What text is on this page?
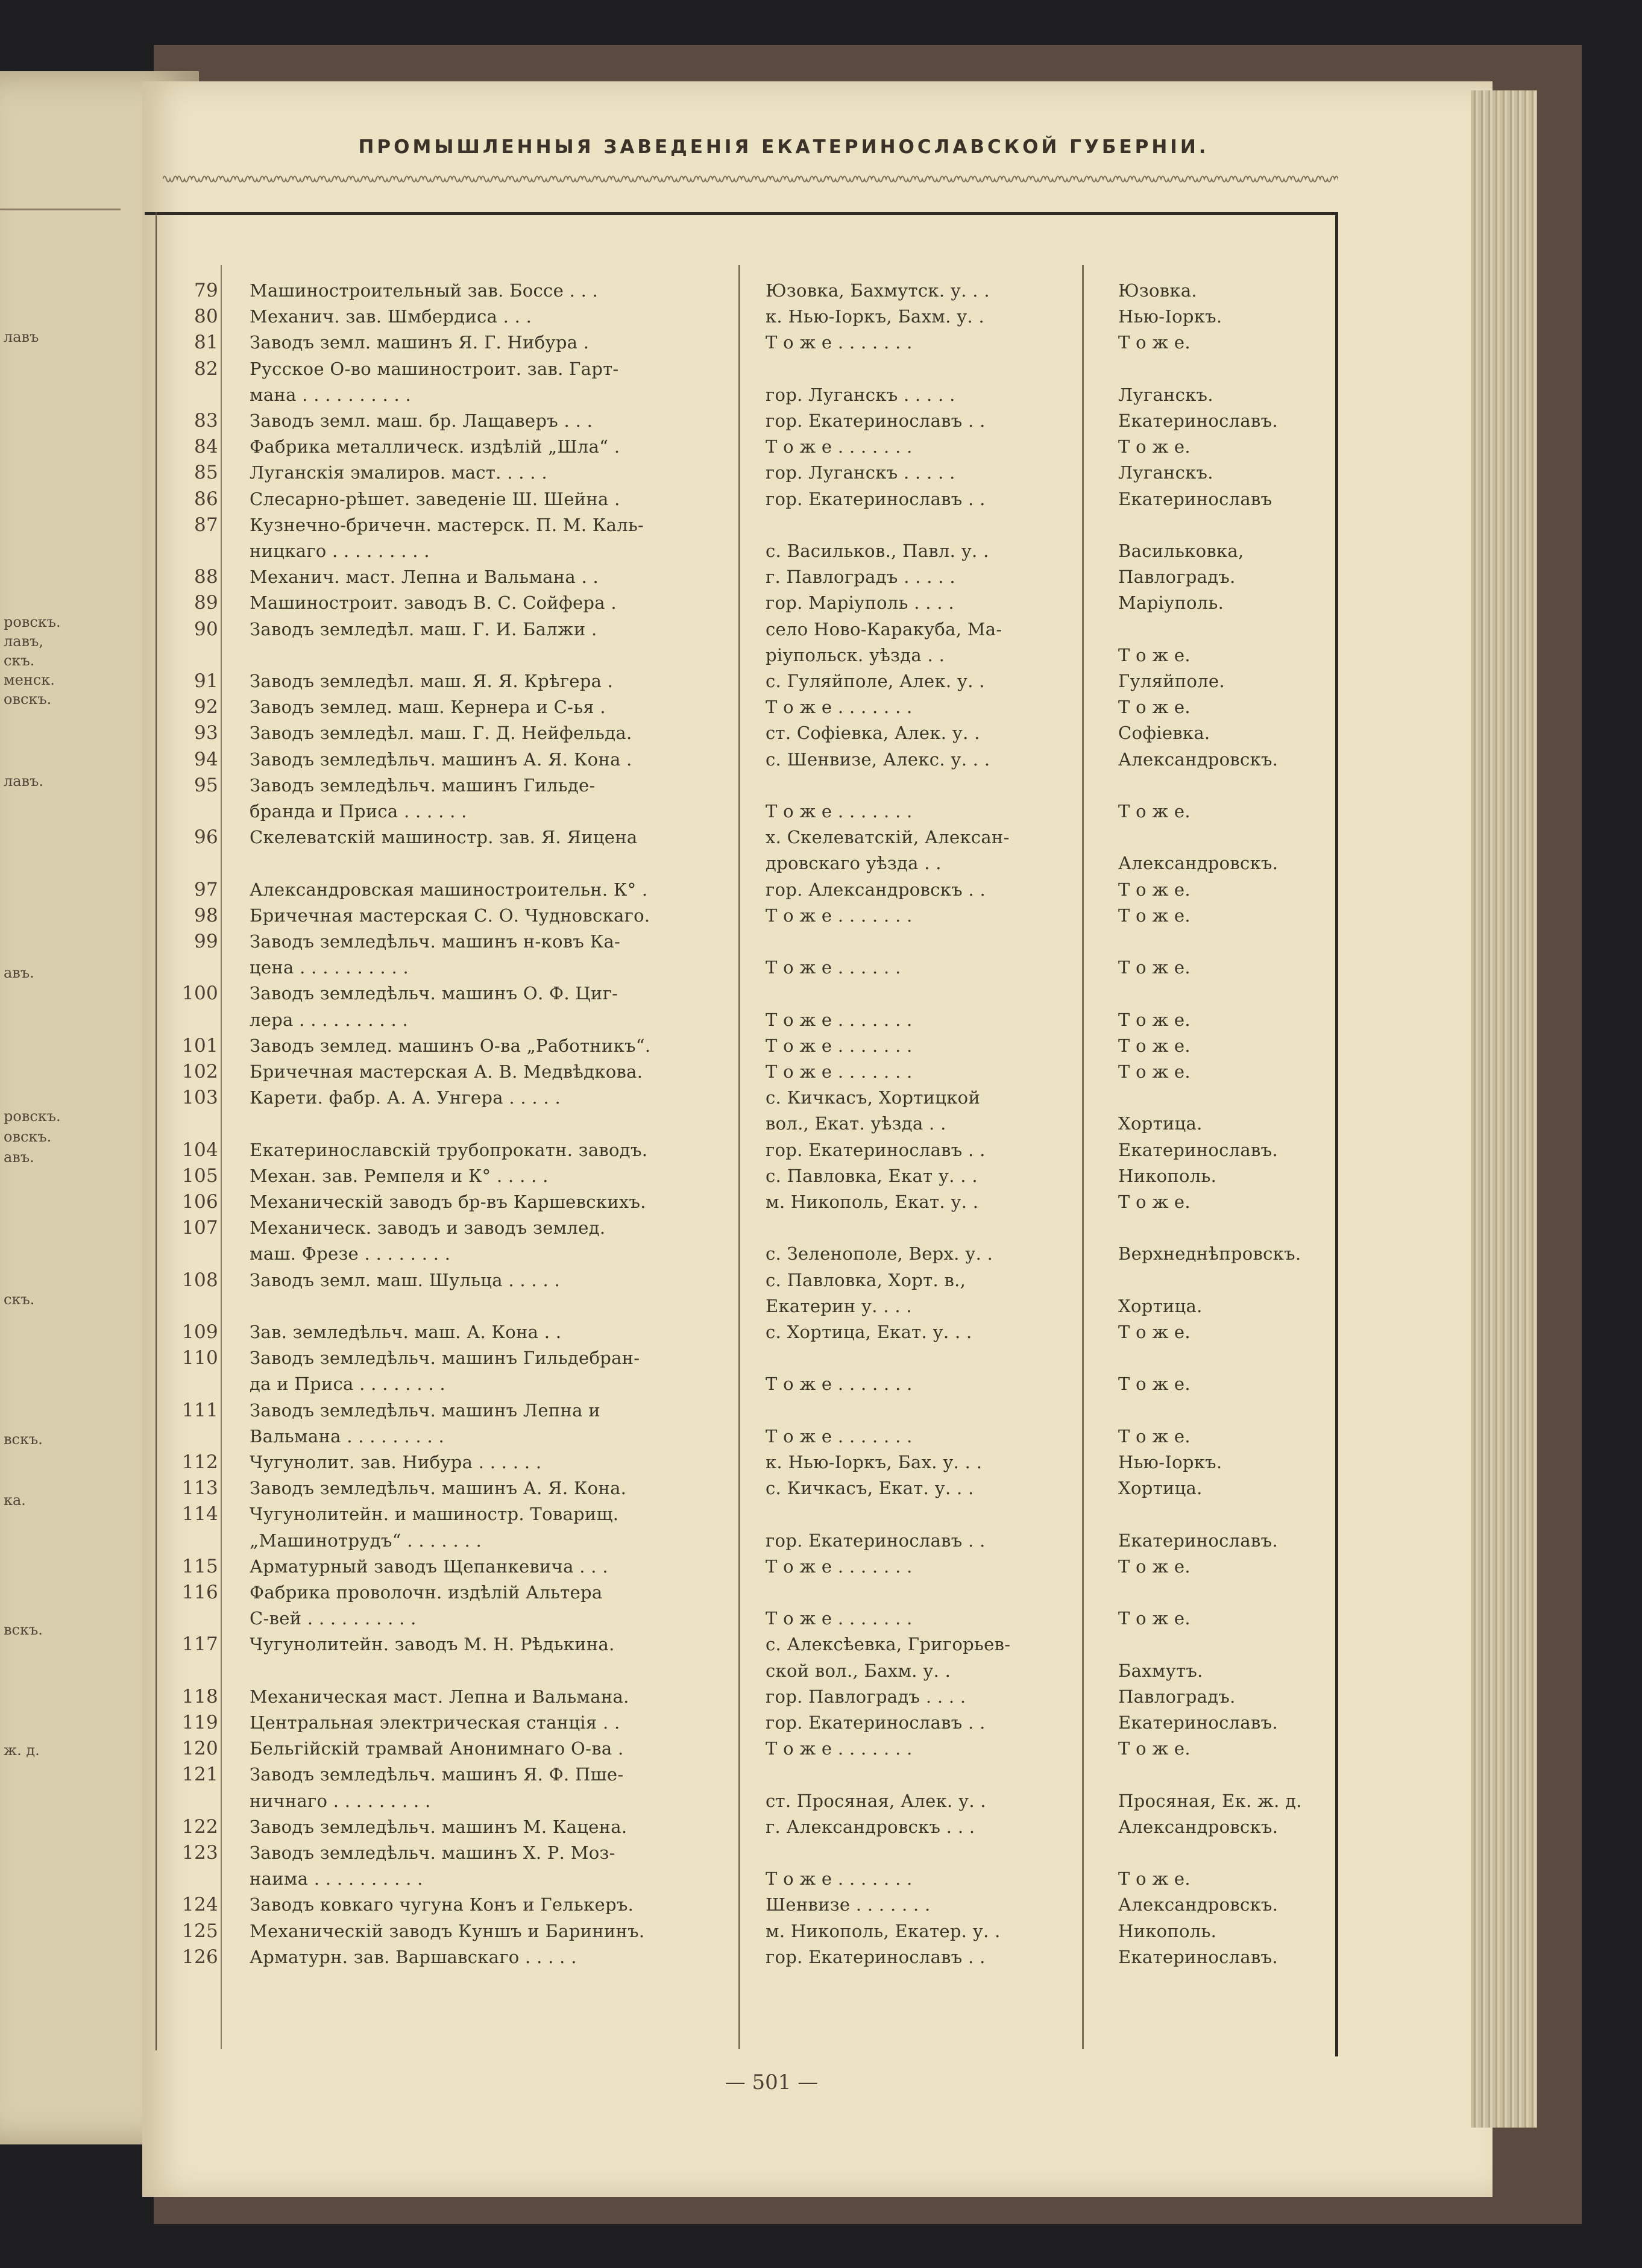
лавъ
ровскъ.
лавъ,
скъ.
менск.
овскъ.
лавъ.
авъ.
ровскъ.
овскъ.
авъ.
скъ.
вскъ.
ка.
вскъ.
ж. д.
ПРОМЫШЛЕННЫЯ ЗАВЕДЕНІЯ ЕКАТЕРИНОСЛАВСКОЙ ГУБЕРНІИ.
79 Машиностроительный зав. Боссе . . .	Юзовка, Бахмутск. у. . .	Юзовка.
80 Механич. зав. Шмбердиса . . .	к. Нью-Іоркъ, Бахм. у. .	Нью-Іоркъ.
81 Заводъ земл. машинъ Я. Г. Нибура .	Т о ж е . . . . . . .	Т о ж е.
82 Русское О-во машиностроит. зав. Гарт-
мана . . . . . . . . . .	гор. Луганскъ . . . . .	Луганскъ.
83 Заводъ земл. маш. бр. Лащаверъ . . .	гор. Екатеринославъ . .	Екатеринославъ.
84 Фабрика металлическ. издѣлій „Шла“ .	Т о ж е . . . . . . .	Т о ж е.
85 Луганскія эмалиров. маст. . . . .	гор. Луганскъ . . . . .	Луганскъ.
86 Слесарно-рѣшет. заведеніе Ш. Шейна .	гор. Екатеринославъ . .	Екатеринославъ
87 Кузнечно-бричечн. мастерск. П. М. Каль-
ницкаго . . . . . . . . .	с. Васильков., Павл. у. .	Васильковка,
88 Механич. маст. Лепна и Вальмана . .	г. Павлоградъ . . . . .	Павлоградъ.
89 Машиностроит. заводъ В. С. Сойфера .	гор. Маріуполь . . . .	Маріуполь.
90 Заводъ земледѣл. маш. Г. И. Балжи .	село Ново-Каракуба, Ма-
ріупольск. уѣзда . .	Т о ж е.
91 Заводъ земледѣл. маш. Я. Я. Крѣгера .	с. Гуляйполе, Алек. у. .	Гуляйполе.
92 Заводъ землед. маш. Кернера и С-ья .	Т о ж е . . . . . . .	Т о ж е.
93 Заводъ земледѣл. маш. Г. Д. Нейфельда.	ст. Софіевка, Алек. у. .	Софіевка.
94 Заводъ земледѣльч. машинъ А. Я. Кона .	с. Шенвизе, Алекс. у. . .	Александровскъ.
95 Заводъ земледѣльч. машинъ Гильде-
бранда и Приса . . . . . .	Т о ж е . . . . . . .	Т о ж е.
96 Скелеватскій машиностр. зав. Я. Яицена	х. Скелеватскій, Алексан-
дровскаго уѣзда . .	Александровскъ.
97 Александровская машиностроительн. К° .	гор. Александровскъ . .	Т о ж е.
98 Бричечная мастерская С. О. Чудновскаго.	Т о ж е . . . . . . .	Т о ж е.
99 Заводъ земледѣльч. машинъ н-ковъ Ка-
цена . . . . . . . . . .	Т о ж е . . . . . .	Т о ж е.
100 Заводъ земледѣльч. машинъ О. Ф. Циг-
лера . . . . . . . . . .	Т о ж е . . . . . . .	Т о ж е.
101 Заводъ землед. машинъ О-ва „Работникъ“.	Т о ж е . . . . . . .	Т о ж е.
102 Бричечная мастерская А. В. Медвѣдкова.	Т о ж е . . . . . . .	Т о ж е.
103 Карети. фабр. А. А. Унгера . . . . .	с. Кичкасъ, Хортицкой
вол., Екат. уѣзда . .	Хортица.
104 Екатеринославскій трубопрокатн. заводъ.	гор. Екатеринославъ . .	Екатеринославъ.
105 Механ. зав. Ремпеля и К° . . . . .	с. Павловка, Екат у. . .	Никополь.
106 Механическій заводъ бр-въ Каршевскихъ.	м. Никополь, Екат. у. .	Т о ж е.
107 Механическ. заводъ и заводъ землед.
маш. Фрезе . . . . . . . .	с. Зеленополе, Верх. у. .	Верхнеднѣпровскъ.
108 Заводъ земл. маш. Шульца . . . . .	с. Павловка, Хорт. в.,
Екатерин у. . . .	Хортица.
109 Зав. земледѣльч. маш. А. Кона . .	с. Хортица, Екат. у. . .	Т о ж е.
110 Заводъ земледѣльч. машинъ Гильдебран-
да и Приса . . . . . . . .	Т о ж е . . . . . . .	Т о ж е.
111 Заводъ земледѣльч. машинъ Лепна и
Вальмана . . . . . . . . .	Т о ж е . . . . . . .	Т о ж е.
112 Чугунолит. зав. Нибура . . . . . .	к. Нью-Іоркъ, Бах. у. . .	Нью-Іоркъ.
113 Заводъ земледѣльч. машинъ А. Я. Кона.	с. Кичкасъ, Екат. у. . .	Хортица.
114 Чугунолитейн. и машиностр. Товарищ.
„Машинотрудъ“ . . . . . . .	гор. Екатеринославъ . .	Екатеринославъ.
115 Арматурный заводъ Щепанкевича . . .	Т о ж е . . . . . . .	Т о ж е.
116 Фабрика проволочн. издѣлій Альтера
С-вей . . . . . . . . . .	Т о ж е . . . . . . .	Т о ж е.
117 Чугунолитейн. заводъ М. Н. Рѣдькина.	с. Алексѣевка, Григорьев-
ской вол., Бахм. у. .	Бахмутъ.
118 Механическая маст. Лепна и Вальмана.	гор. Павлоградъ . . . .	Павлоградъ.
119 Центральная электрическая станція . .	гор. Екатеринославъ . .	Екатеринославъ.
120 Бельгійскій трамвай Анонимнаго О-ва .	Т о ж е . . . . . . .	Т о ж е.
121 Заводъ земледѣльч. машинъ Я. Ф. Пше-
ничнаго . . . . . . . . .	ст. Просяная, Алек. у. .	Просяная, Ек. ж. д.
122 Заводъ земледѣльч. машинъ М. Кацена.	г. Александровскъ . . .	Александровскъ.
123 Заводъ земледѣльч. машинъ Х. Р. Моз-
наима . . . . . . . . . .	Т о ж е . . . . . . .	Т о ж е.
124 Заводъ ковкаго чугуна Конъ и Гелькеръ.	Шенвизе . . . . . . .	Александровскъ.
125 Механическій заводъ Куншъ и Барининъ.	м. Никополь, Екатер. у. .	Никополь.
126 Арматурн. зав. Варшавскаго . . . . .	гор. Екатеринославъ . .	Екатеринославъ.
— 501 —
